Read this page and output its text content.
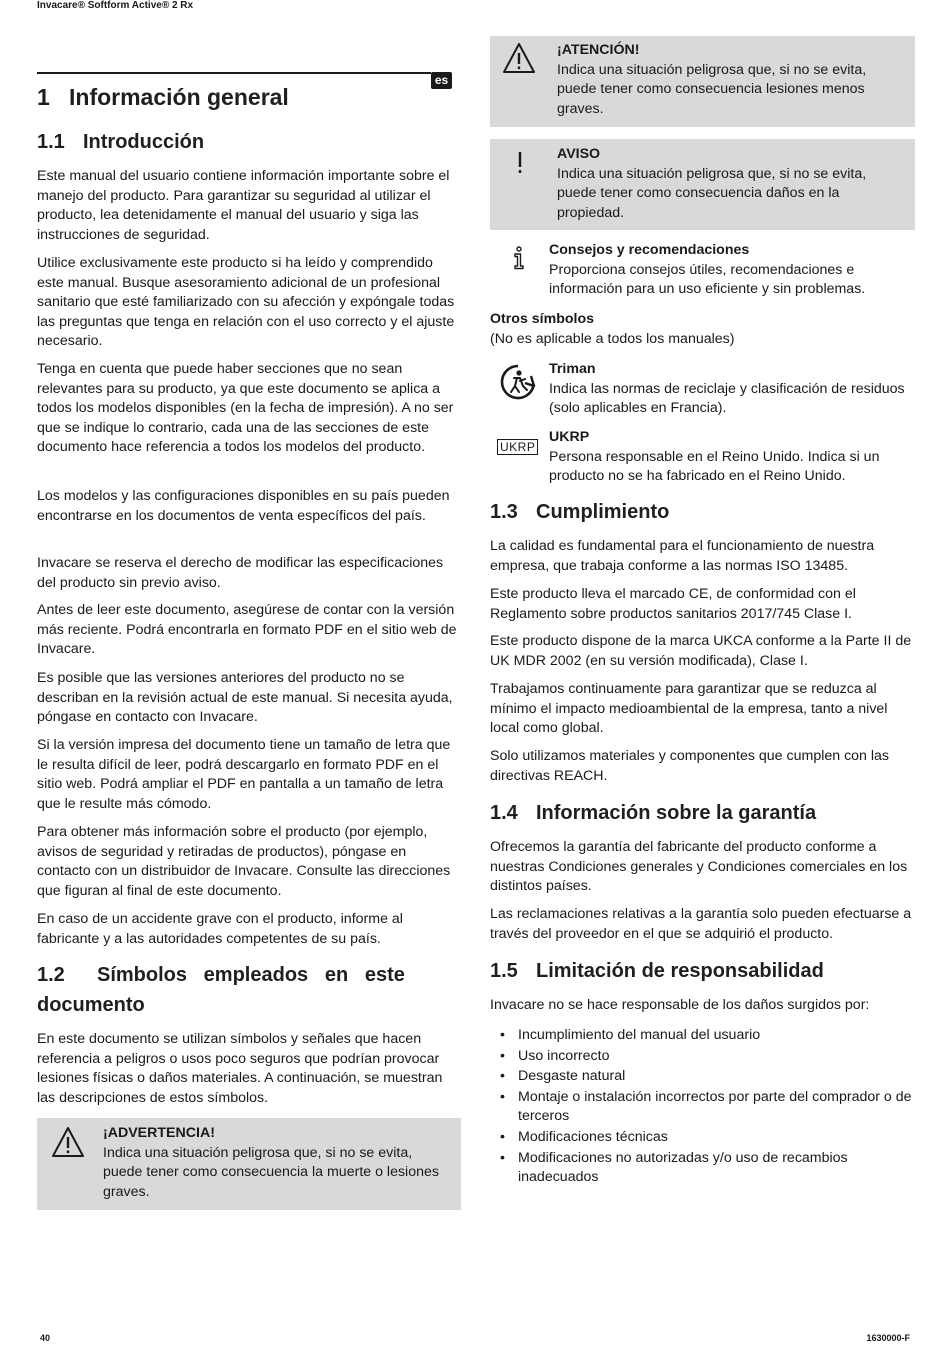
Invacare® Softform Active® 2 Rx
es
1 Información general
1.1 Introducción
Este manual del usuario contiene información importante sobre el manejo del producto. Para garantizar su seguridad al utilizar el producto, lea detenidamente el manual del usuario y siga las instrucciones de seguridad.
Utilice exclusivamente este producto si ha leído y comprendido este manual. Busque asesoramiento adicional de un profesional sanitario que esté familiarizado con su afección y expóngale todas las preguntas que tenga en relación con el uso correcto y el ajuste necesario.
Tenga en cuenta que puede haber secciones que no sean relevantes para su producto, ya que este documento se aplica a todos los modelos disponibles (en la fecha de impresión). A no ser que se indique lo contrario, cada una de las secciones de este documento hace referencia a todos los modelos del producto.
Los modelos y las configuraciones disponibles en su país pueden encontrarse en los documentos de venta específicos del país.
Invacare se reserva el derecho de modificar las especificaciones del producto sin previo aviso.
Antes de leer este documento, asegúrese de contar con la versión más reciente. Podrá encontrarla en formato PDF en el sitio web de Invacare.
Es posible que las versiones anteriores del producto no se describan en la revisión actual de este manual. Si necesita ayuda, póngase en contacto con Invacare.
Si la versión impresa del documento tiene un tamaño de letra que le resulta difícil de leer, podrá descargarlo en formato PDF en el sitio web. Podrá ampliar el PDF en pantalla a un tamaño de letra que le resulte más cómodo.
Para obtener más información sobre el producto (por ejemplo, avisos de seguridad y retiradas de productos), póngase en contacto con un distribuidor de Invacare. Consulte las direcciones que figuran al final de este documento.
En caso de un accidente grave con el producto, informe al fabricante y a las autoridades competentes de su país.
1.2 Símbolos   empleados   en   este
documento
En este documento se utilizan símbolos y señales que hacen referencia a peligros o usos poco seguros que podrían provocar lesiones físicas o daños materiales. A continuación, se muestran las descripciones de estos símbolos.
¡ADVERTENCIA!
Indica una situación peligrosa que, si no se evita, puede tener como consecuencia la muerte o lesiones graves.
¡ATENCIÓN!
Indica una situación peligrosa que, si no se evita, puede tener como consecuencia lesiones menos graves.
AVISO
Indica una situación peligrosa que, si no se evita, puede tener como consecuencia daños en la propiedad.
Consejos y recomendaciones
Proporciona consejos útiles, recomendaciones e información para un uso eficiente y sin problemas.
Otros símbolos
(No es aplicable a todos los manuales)
Triman
Indica las normas de reciclaje y clasificación de residuos (solo aplicables en Francia).
UKRP
UKRP
Persona responsable en el Reino Unido. Indica si un producto no se ha fabricado en el Reino Unido.
1.3 Cumplimiento
La calidad es fundamental para el funcionamiento de nuestra empresa, que trabaja conforme a las normas ISO 13485.
Este producto lleva el marcado CE, de conformidad con el Reglamento sobre productos sanitarios 2017/745 Clase I.
Este producto dispone de la marca UKCA conforme a la Parte II de UK MDR 2002 (en su versión modificada), Clase I.
Trabajamos continuamente para garantizar que se reduzca al mínimo el impacto medioambiental de la empresa, tanto a nivel local como global.
Solo utilizamos materiales y componentes que cumplen con las directivas REACH.
1.4 Información sobre la garantía
Ofrecemos la garantía del fabricante del producto conforme a nuestras Condiciones generales y Condiciones comerciales en los distintos países.
Las reclamaciones relativas a la garantía solo pueden efectuarse a través del proveedor en el que se adquirió el producto.
1.5 Limitación de responsabilidad
Invacare no se hace responsable de los daños surgidos por:
• Incumplimiento del manual del usuario
• Uso incorrecto
• Desgaste natural
• Montaje o instalación incorrectos por parte del comprador o de terceros
• Modificaciones técnicas
• Modificaciones no autorizadas y/o uso de recambios inadecuados
40	1630000-F
